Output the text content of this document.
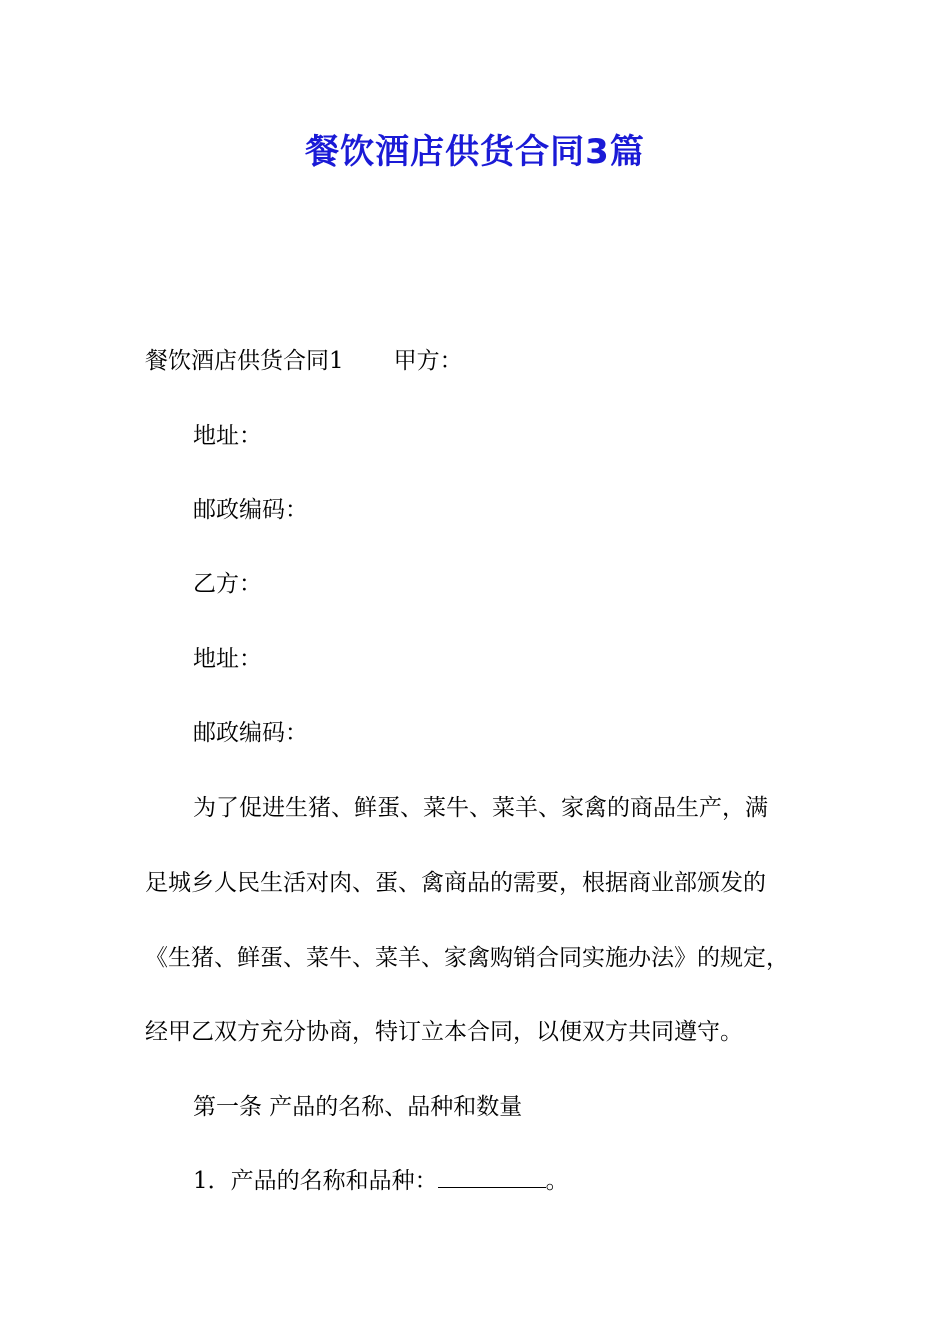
餐饮酒店供货合同3篇
餐饮酒店供货合同1 甲方：
地址：
邮政编码：
乙方：
地址：
邮政编码：
为了促进生猪、鲜蛋、菜牛、菜羊、家禽的商品生产，满
足城乡人民生活对肉、蛋、禽商品的需要，根据商业部颁发的
《生猪、鲜蛋、菜牛、菜羊、家禽购销合同实施办法》的规定，
经甲乙双方充分协商，特订立本合同，以便双方共同遵守。
第一条 产品的名称、品种和数量
1．产品的名称和品种：	。
